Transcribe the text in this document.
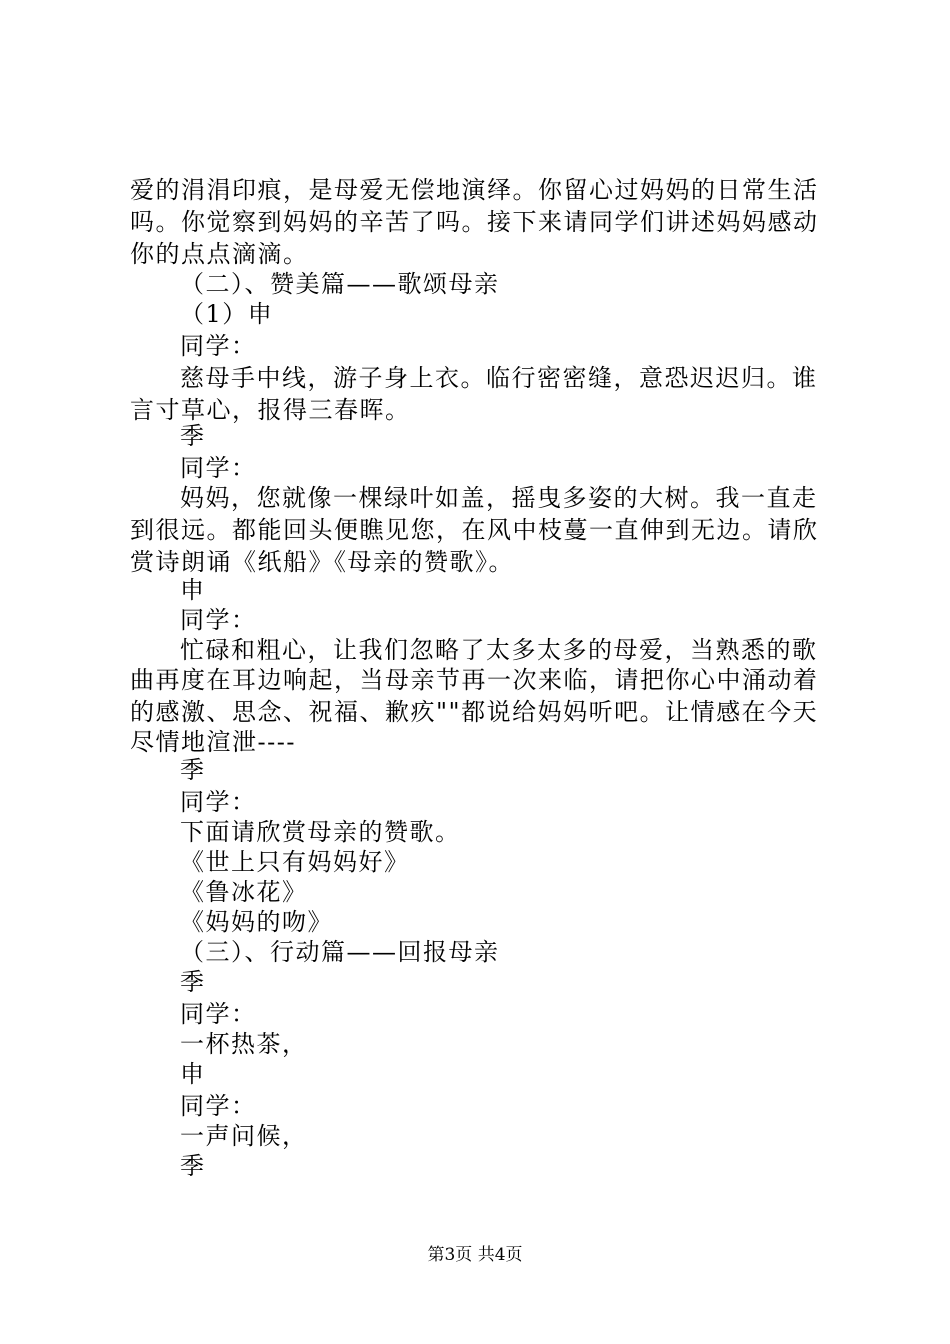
爱的涓涓印痕，是母爱无偿地演绎。你留心过妈妈的日常生活
吗。你觉察到妈妈的辛苦了吗。接下来请同学们讲述妈妈感动
你的点点滴滴。
（二）、赞美篇——歌颂母亲
（1）申
同学：
慈母手中线，游子身上衣。临行密密缝，意恐迟迟归。谁
言寸草心，报得三春晖。
季
同学：
妈妈，您就像一棵绿叶如盖，摇曳多姿的大树。我一直走
到很远。都能回头便瞧见您，在风中枝蔓一直伸到无边。请欣
赏诗朗诵《纸船》《母亲的赞歌》。
申
同学：
忙碌和粗心，让我们忽略了太多太多的母爱，当熟悉的歌
曲再度在耳边响起，当母亲节再一次来临，请把你心中涌动着
的感激、思念、祝福、歉疚""都说给妈妈听吧。让情感在今天
尽情地渲泄----
季
同学：
下面请欣赏母亲的赞歌。
《世上只有妈妈好》
《鲁冰花》
《妈妈的吻》
（三）、行动篇——回报母亲
季
同学：
一杯热茶，
申
同学：
一声问候，
季
第3页 共4页
